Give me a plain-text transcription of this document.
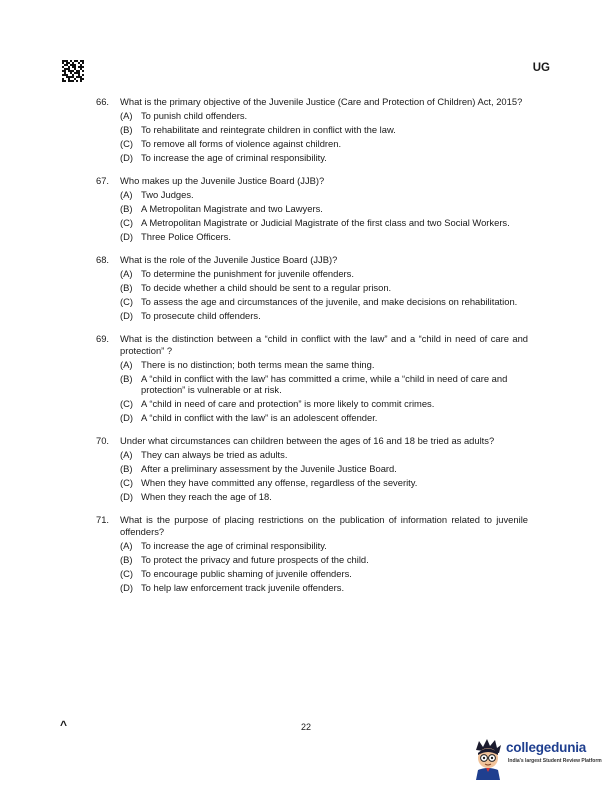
UG
66.	What is the primary objective of the Juvenile Justice (Care and Protection of Children) Act, 2015?
(A) To punish child offenders.
(B) To rehabilitate and reintegrate children in conflict with the law.
(C) To remove all forms of violence against children.
(D) To increase the age of criminal responsibility.
67.	Who makes up the Juvenile Justice Board (JJB)?
(A) Two Judges.
(B) A Metropolitan Magistrate and two Lawyers.
(C) A Metropolitan Magistrate or Judicial Magistrate of the first class and two Social Workers.
(D) Three Police Officers.
68.	What is the role of the Juvenile Justice Board (JJB)?
(A) To determine the punishment for juvenile offenders.
(B) To decide whether a child should be sent to a regular prison.
(C) To assess the age and circumstances of the juvenile, and make decisions on rehabilitation.
(D) To prosecute child offenders.
69.	What is the distinction between a “child in conflict with the law” and a “child in need of care and protection” ?
(A) There is no distinction; both terms mean the same thing.
(B) A “child in conflict with the law” has committed a crime, while a “child in need of care and protection” is vulnerable or at risk.
(C) A “child in need of care and protection” is more likely to commit crimes.
(D) A “child in conflict with the law” is an adolescent offender.
70.	Under what circumstances can children between the ages of 16 and 18 be tried as adults?
(A) They can always be tried as adults.
(B) After a preliminary assessment by the Juvenile Justice Board.
(C) When they have committed any offense, regardless of the severity.
(D) When they reach the age of 18.
71.	What is the purpose of placing restrictions on the publication of information related to juvenile offenders?
(A) To increase the age of criminal responsibility.
(B) To protect the privacy and future prospects of the child.
(C) To encourage public shaming of juvenile offenders.
(D) To help law enforcement track juvenile offenders.
^	22
collegedunia
India's largest Student Review Platform
